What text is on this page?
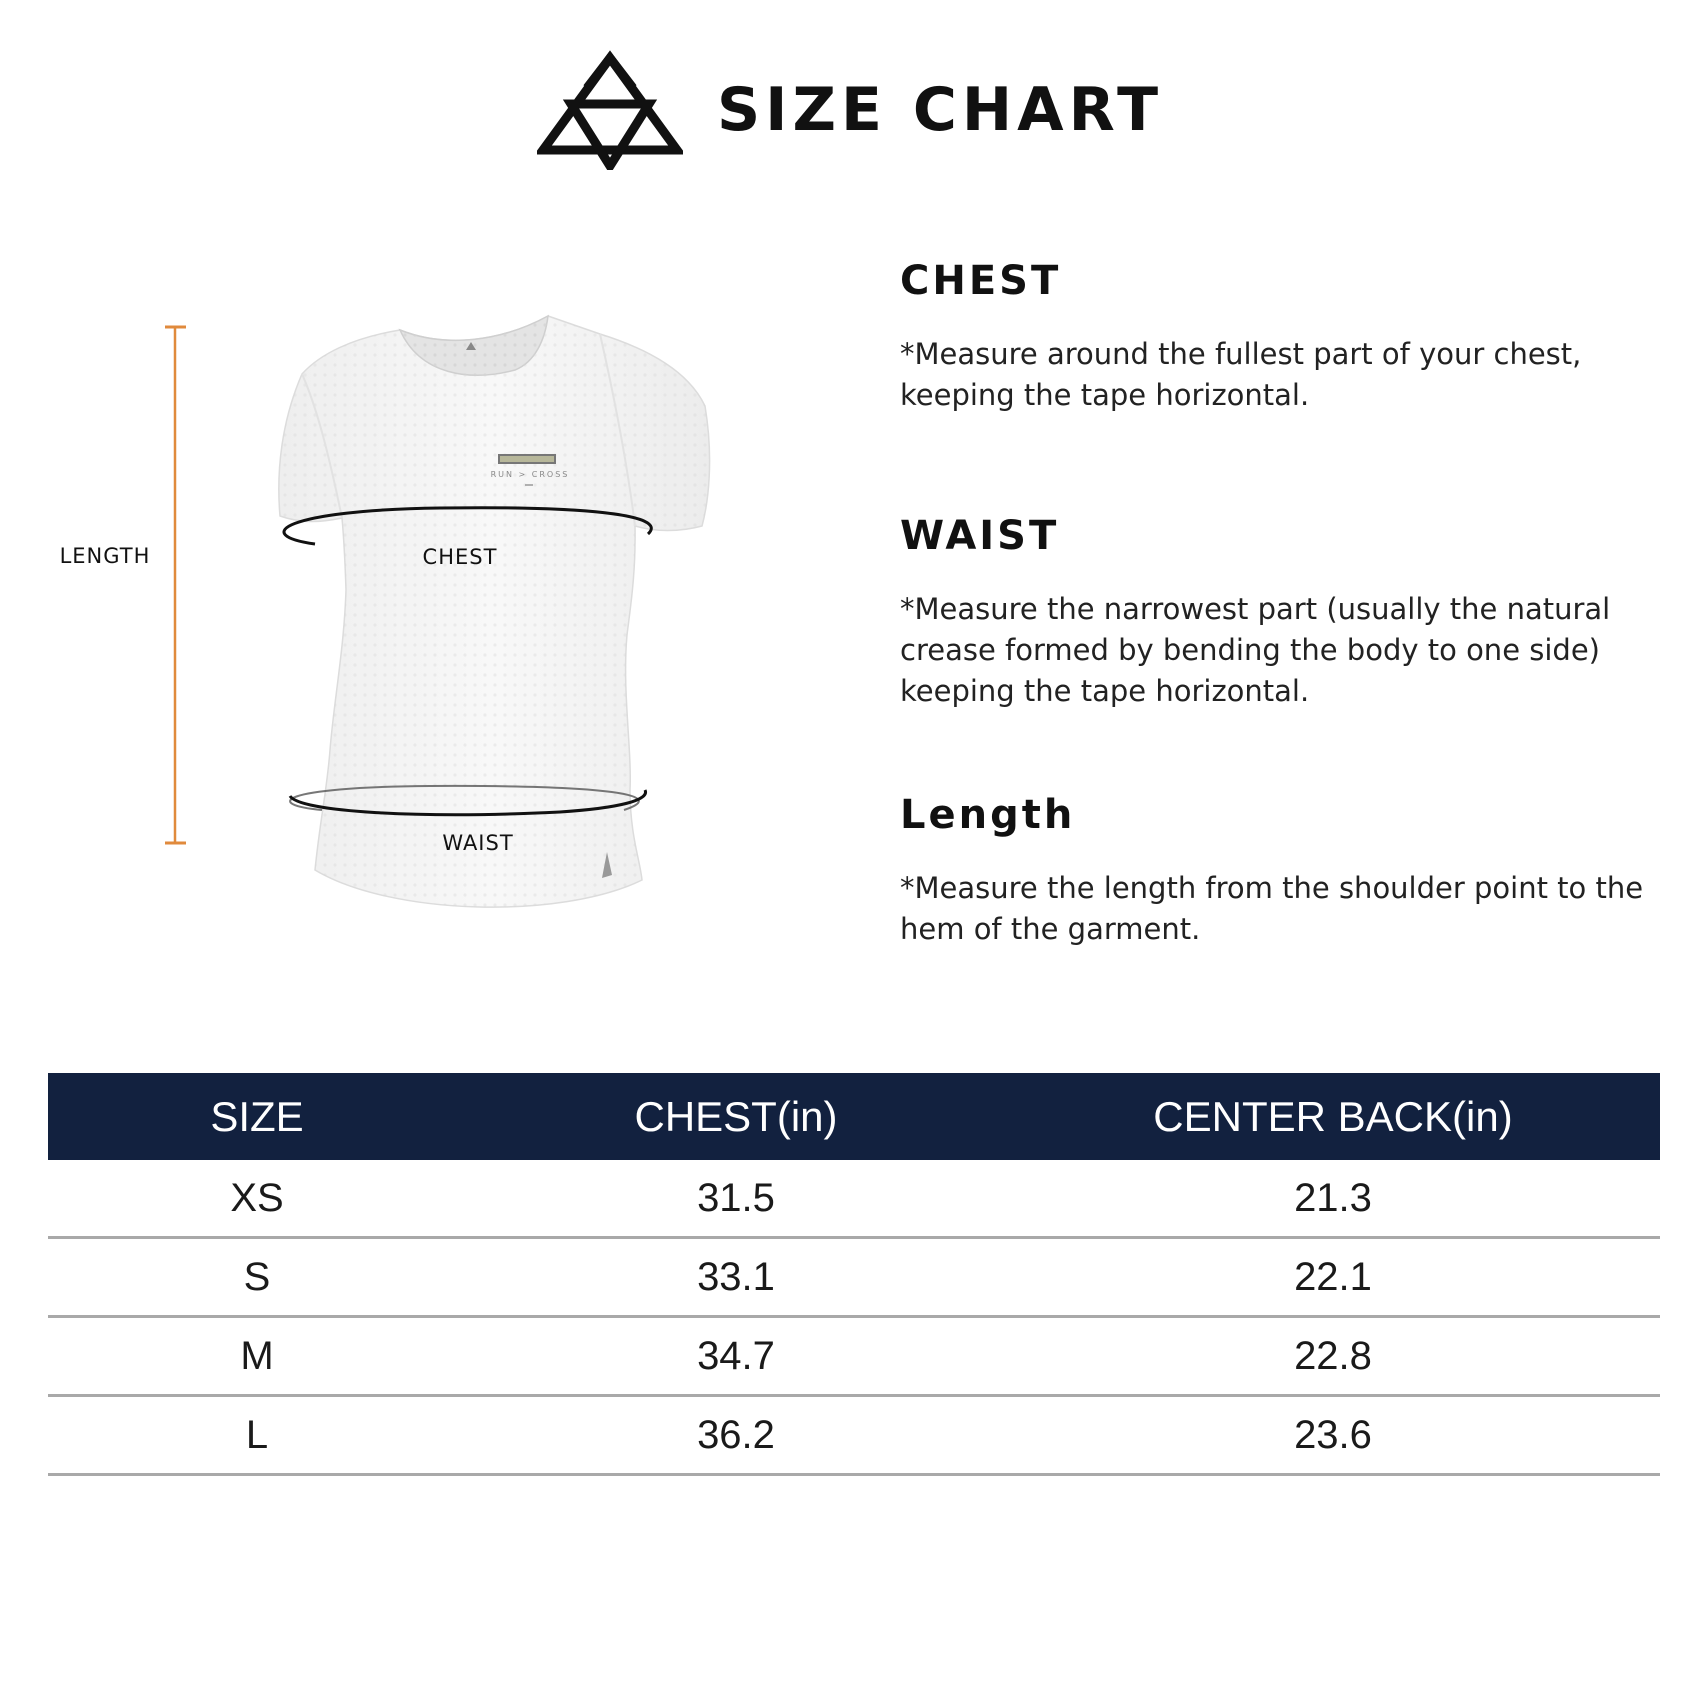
SIZE CHART
LENGTH
RUN > CROSS
CHEST
WAIST
CHEST

*Measure around the fullest part of your chest, keeping the tape horizontal.

WAIST

*Measure the narrowest part (usually the natural crease formed by bending the body to one side) keeping the tape horizontal.

Length

*Measure the length from the shoulder point to the hem of the garment.

SIZE	CHEST(in)	CENTER BACK(in)
XS	31.5	21.3
S	33.1	22.1
M	34.7	22.8
L	36.2	23.6
